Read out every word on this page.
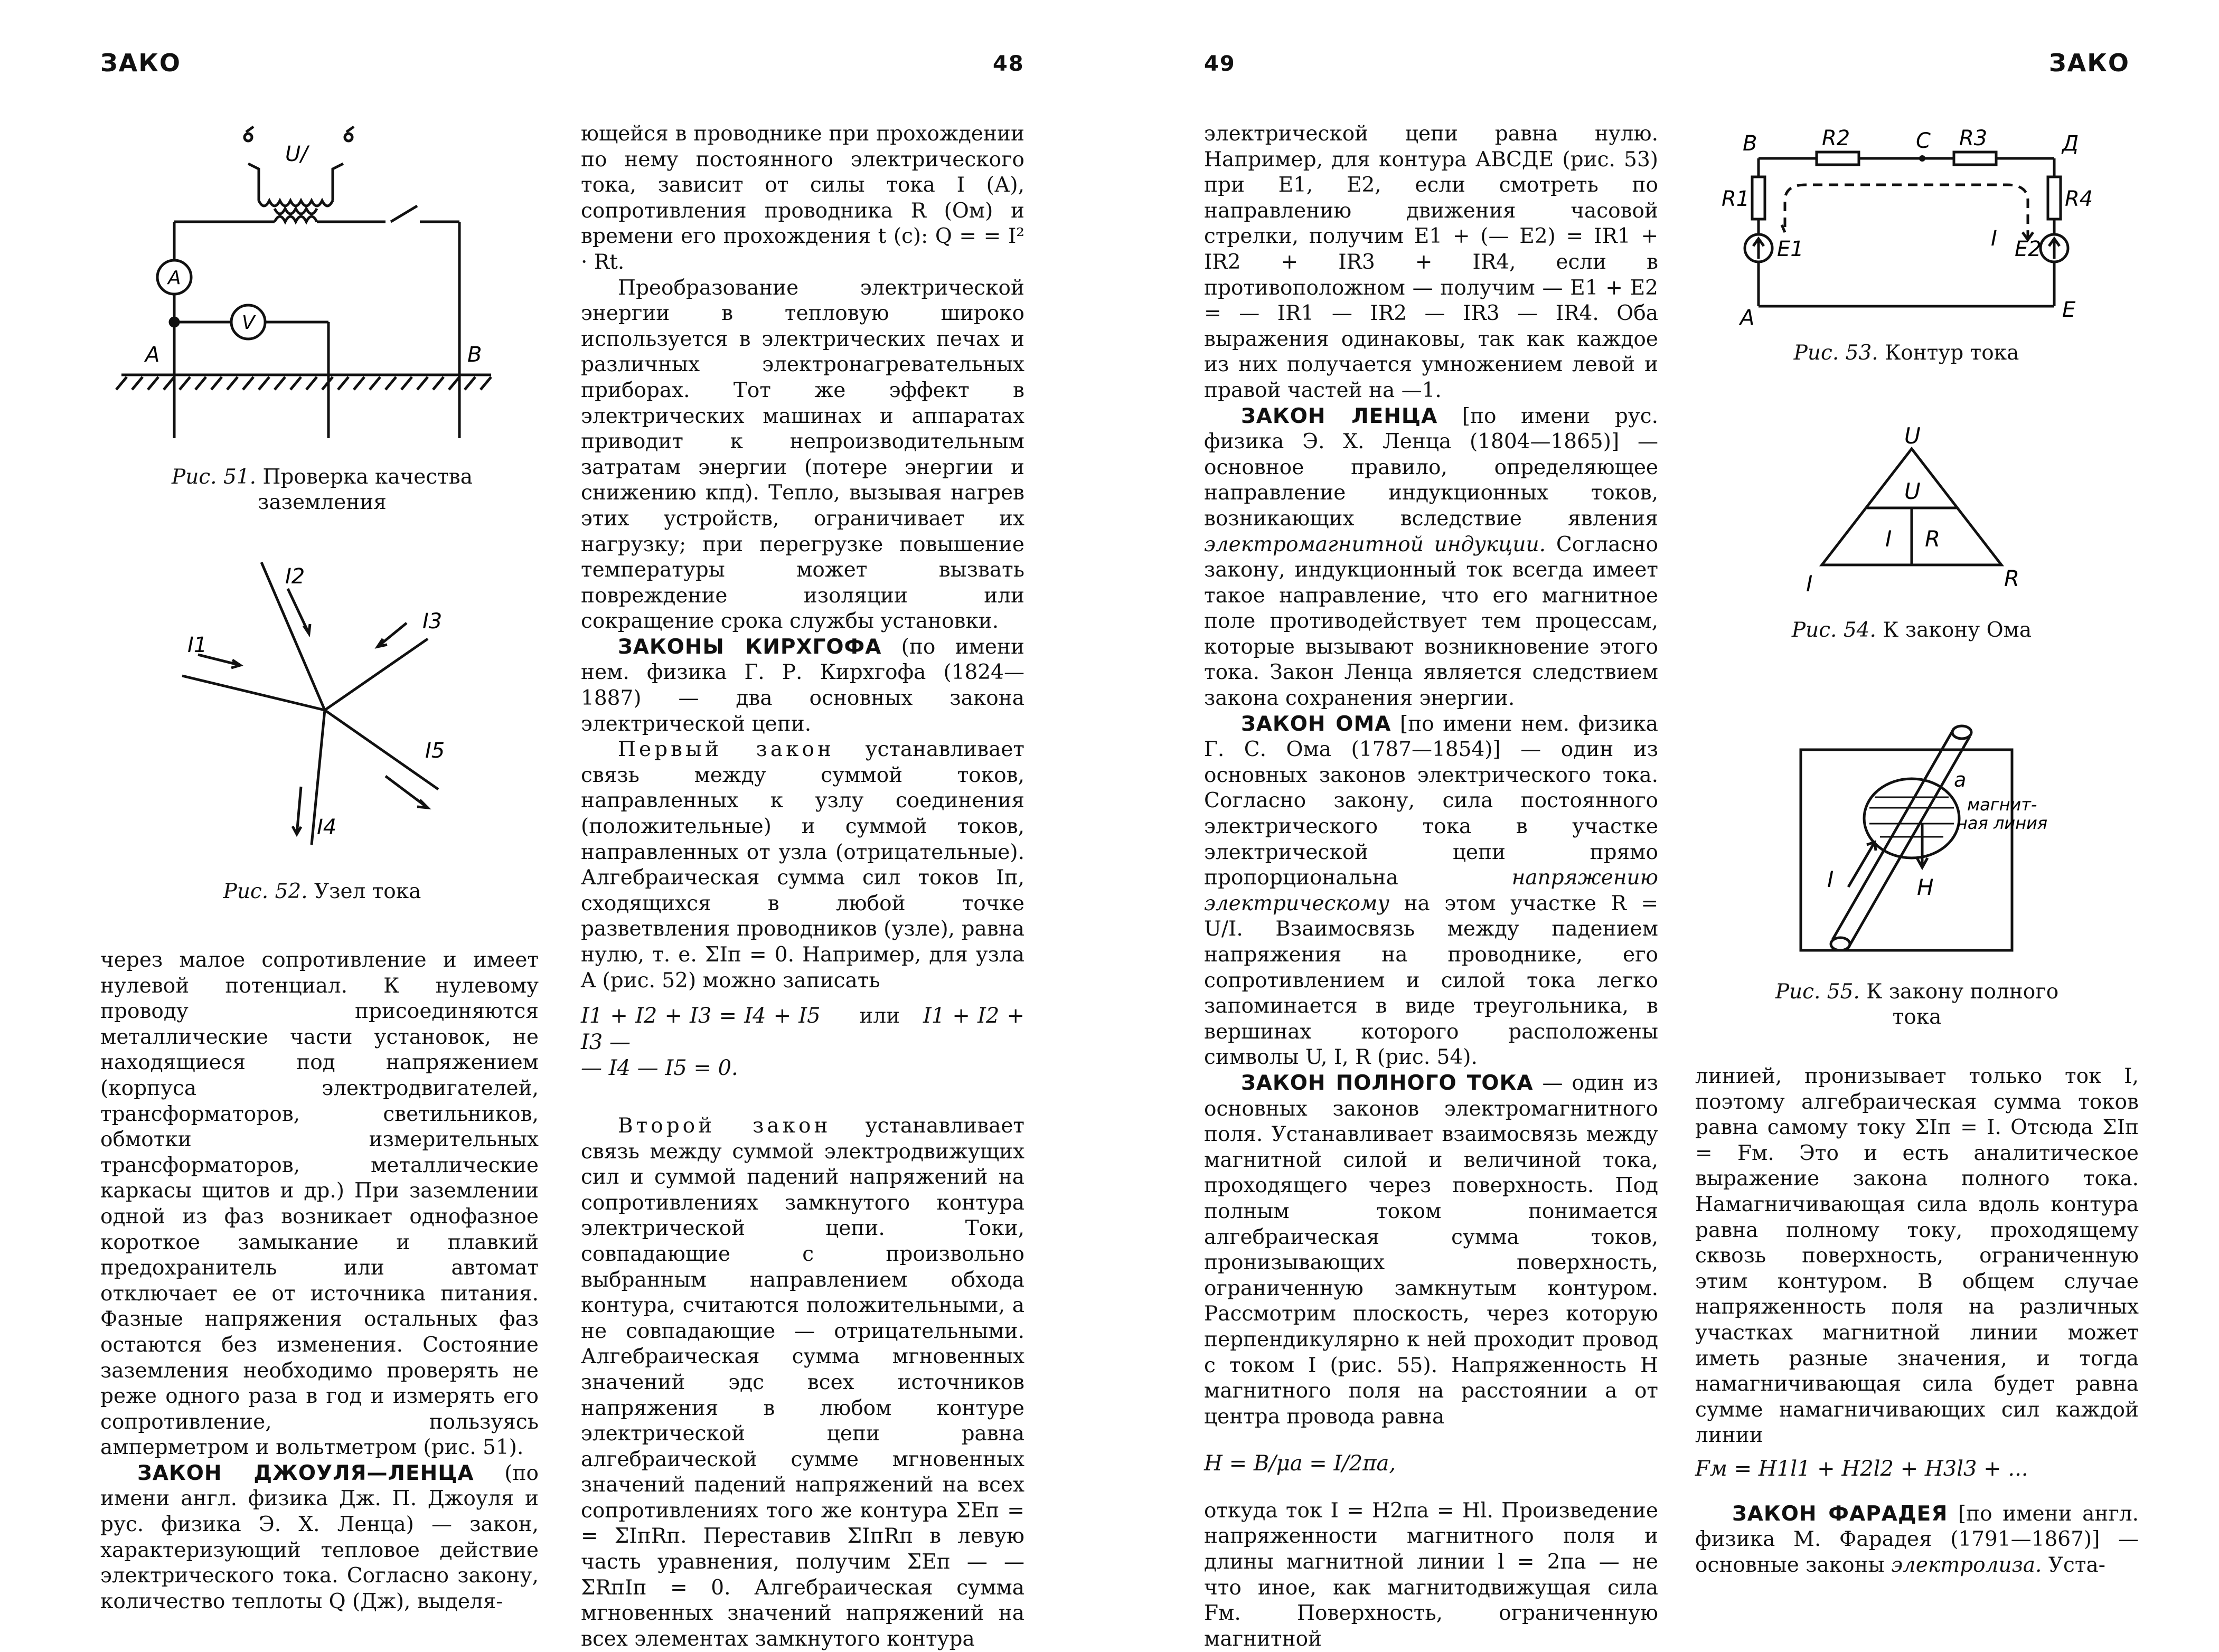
ЗАКО	48
U/
A
V
A	B
Рис. 51. Проверка качества заземления
I2
I3
I1
I5
I4
Рис. 52. Узел тока

через малое сопротивление и имеет нулевой потенциал. К нулевому проводу присоединяются металлические части установок, не находящиеся под напряжением (корпуса электродвигателей, трансформаторов, светильников, обмотки измерительных трансформаторов, металлические каркасы щитов и др.) При заземлении одной из фаз возникает однофазное короткое замыкание и плавкий предохранитель или автомат отключает ее от источника питания. Фазные напряжения остальных фаз остаются без изменения. Состояние заземления необходимо проверять не реже одного раза в год и измерять его сопротивление, пользуясь амперметром и вольтметром (рис. 51).

ЗАКОН ДЖОУЛЯ—ЛЕНЦА (по имени англ. физика Дж. П. Джоуля и рус. физика Э. Х. Ленца) — закон, характеризующий тепловое действие электрического тока. Согласно закону, количество теплоты Q (Дж), выделя-

ющейся в проводнике при прохождении по нему постоянного электрического тока, зависит от силы тока I (А), сопротивления проводника R (Ом) и времени его прохождения t (с): Q = = I² · Rt.

Преобразование электрической энергии в тепловую широко используется в электрических печах и различных электронагревательных приборах. Тот же эффект в электрических машинах и аппаратах приводит к непроизводительным затратам энергии (потере энергии и снижению кпд). Тепло, вызывая нагрев этих устройств, ограничивает их нагрузку; при перегрузке повышение температуры может вызвать повреждение изоляции или сокращение срока службы установки.

ЗАКОНЫ КИРХГОФА (по имени нем. физика Г. Р. Кирхгофа (1824—1887) — два основных закона электрической цепи.

Первый закон устанавливает связь между суммой токов, направленных к узлу соединения (положительные) и суммой токов, направленных от узла (отрицательные). Алгебраическая сумма сил токов Iп, сходящихся в любой точке разветвления проводников (узле), равна нулю, т. е. ΣIп = 0. Например, для узла A (рис. 52) можно записать

I1 + I2 + I3 = I4 + I5 или I1 + I2 + I3 —

— I4 — I5 = 0.

Второй закон устанавливает связь между суммой электродвижущих сил и суммой падений напряжений на сопротивлениях замкнутого контура электрической цепи. Токи, совпадающие с произвольно выбранным направлением обхода контура, считаются положительными, а не совпадающие — отрицательными. Алгебраическая сумма мгновенных значений эдс всех источников напряжения в любом контуре электрической цепи равна алгебраической сумме мгновенных значений падений напряжений на всех сопротивлениях того же контура ΣEп = = ΣIпRп. Переставив ΣIпRп в левую часть уравнения, получим ΣEп — — ΣRпIп = 0. Алгебраическая сумма мгновенных значений напряжений на всех элементах замкнутого контура

49	ЗАКО

электрической цепи равна нулю. Например, для контура АВСДЕ (рис. 53) при E1, E2, если смотреть по направлению движения часовой стрелки, получим E1 + (— E2) = IR1 + IR2 + IR3 + IR4, если в противоположном — получим — E1 + E2 = — IR1 — IR2 — IR3 — IR4. Оба выражения одинаковы, так как каждое из них получается умножением левой и правой частей на —1.

ЗАКОН ЛЕНЦА [по имени рус. физика Э. Х. Ленца (1804—1865)] — основное правило, определяющее направление индукционных токов, возникающих вследствие явления электромагнитной индукции. Согласно закону, индукционный ток всегда имеет такое направление, что его магнитное поле противодействует тем процессам, которые вызывают возникновение этого тока. Закон Ленца является следствием закона сохранения энергии.

ЗАКОН ОМА [по имени нем. физика Г. С. Ома (1787—1854)] — один из основных законов электрического тока. Согласно закону, сила постоянного электрического тока в участке электрической цепи прямо пропорциональна	напряжению электрическому на этом участке R = U/I. Взаимосвязь между падением напряжения на проводнике, его сопротивлением и силой тока легко запоминается в виде треугольника, в вершинах которого расположены символы U, I, R (рис. 54).

ЗАКОН ПОЛНОГО ТОКА — один из основных законов электромагнитного поля. Устанавливает взаимосвязь между магнитной силой и величиной тока, проходящего через поверхность. Под полным током понимается алгебраическая сумма токов, пронизывающих поверхность, ограниченную замкнутым контуром. Рассмотрим плоскость, через которую перпендикулярно к ней проходит провод с током I (рис. 55). Напряженность H магнитного поля на расстоянии a от центра провода равна

H = B/μa = I/2πa,

откуда ток I = H2πa = Hl. Произведение напряженности магнитного поля и длины магнитной линии l = 2πa — не что иное, как магнитодвижущая сила Fм. Поверхность, ограниченную магнитной

В	R2	С R3	Д
R1	R4
E1	E2
I
А	Е
Рис. 53. Контур тока
U
U
I R
I	R
Рис. 54. К закону Ома
a
магнит-
ная линия
I	H
Рис. 55. К закону полного тока

линией, пронизывает только ток I, поэтому алгебраическая сумма токов равна самому току ΣIп = I. Отсюда ΣIп = Fм. Это и есть аналитическое выражение закона полного тока. Намагничивающая сила вдоль контура равна полному току, проходящему сквозь поверхность, ограниченную этим контуром. В общем случае напряженность поля на различных участках магнитной линии может иметь разные значения, и тогда намагничивающая сила будет равна сумме намагничивающих сил каждой линии

Fм = H1l1 + H2l2 + H3l3 + ...

ЗАКОН ФАРАДЕЯ [по имени англ. физика М. Фарадея (1791—1867)] — основные законы электролиза. Уста-
